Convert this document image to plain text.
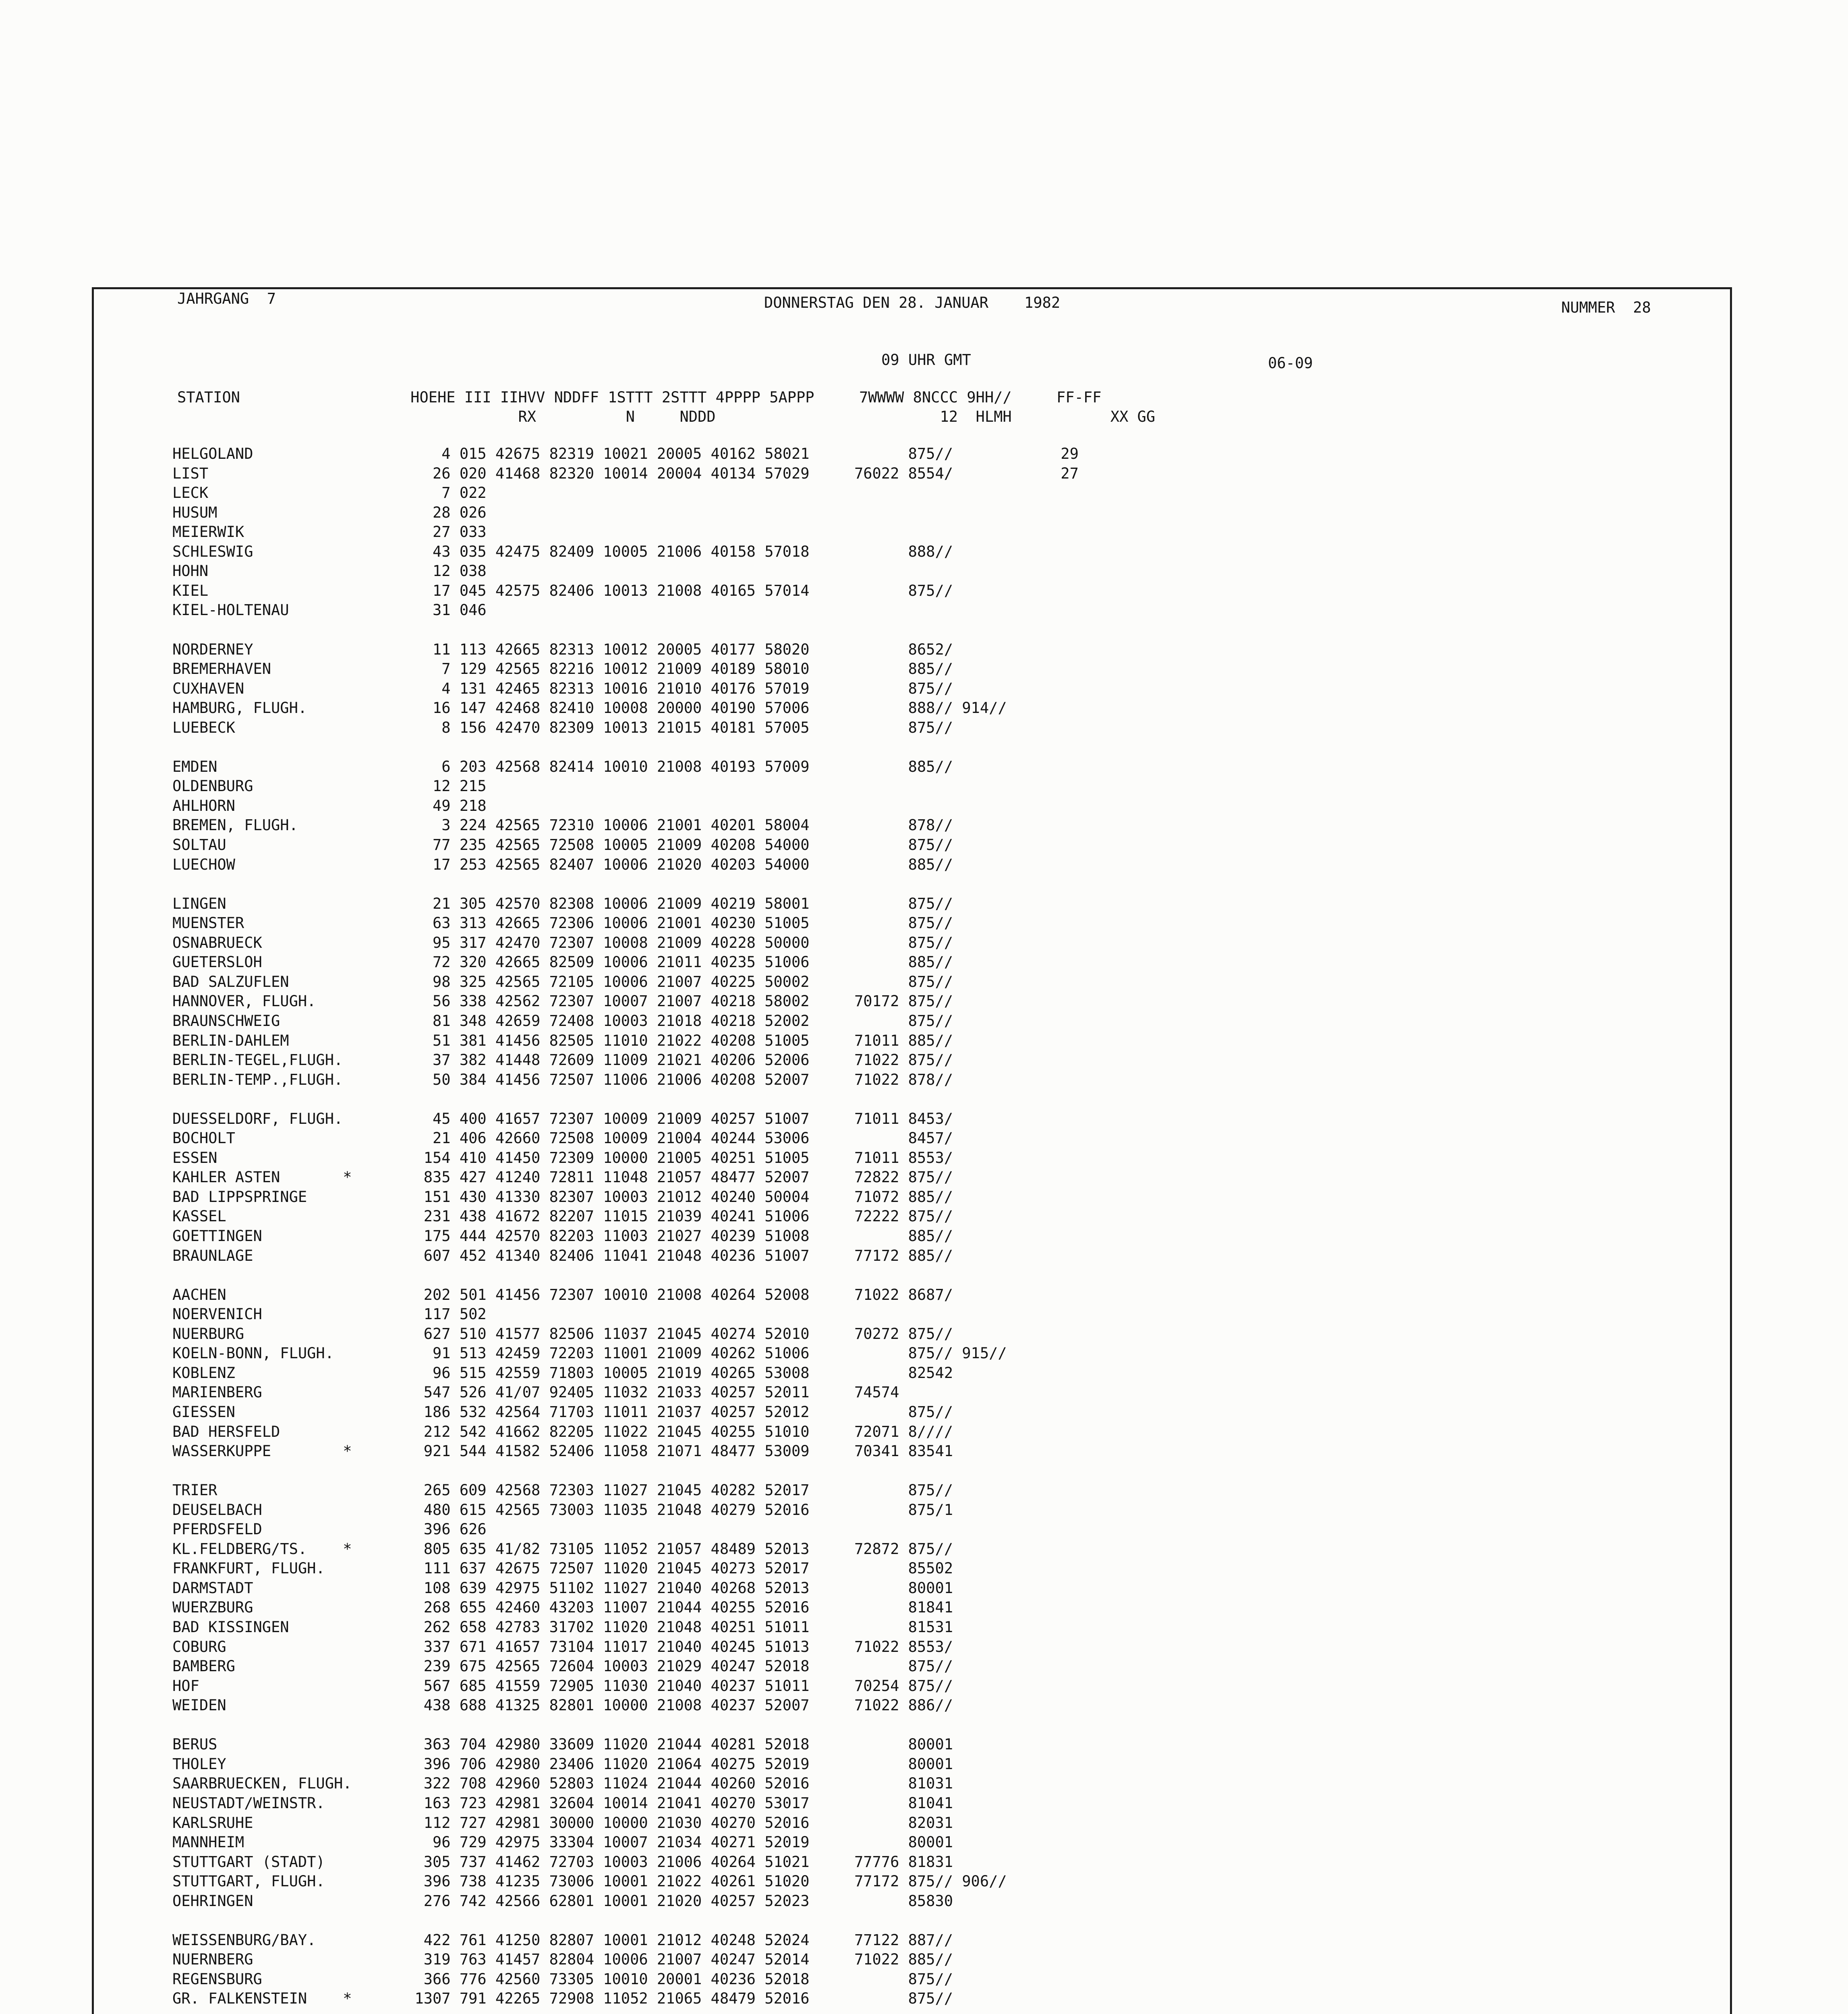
JAHRGANG  7	DONNERSTAG DEN 28. JANUAR    1982	NUMMER  28
09 UHR GMT	06-09
STATION                   HOEHE III IIHVV NDDFF 1STTT 2STTT 4PPPP 5APPP     7WWWW 8NCCC 9HH//     FF-FF
RX          N     NDDD                         12  HLMH           XX GG
HELGOLAND                     4 015 42675 82319 10021 20005 40162 58021           875//            29
LIST                         26 020 41468 82320 10014 20004 40134 57029     76022 8554/            27
LECK                          7 022
HUSUM                        28 026
MEIERWIK                     27 033
SCHLESWIG                    43 035 42475 82409 10005 21006 40158 57018           888//
HOHN                         12 038
KIEL                         17 045 42575 82406 10013 21008 40165 57014           875//
KIEL-HOLTENAU                31 046
NORDERNEY                    11 113 42665 82313 10012 20005 40177 58020           8652/
BREMERHAVEN                   7 129 42565 82216 10012 21009 40189 58010           885//
CUXHAVEN                      4 131 42465 82313 10016 21010 40176 57019           875//
HAMBURG, FLUGH.              16 147 42468 82410 10008 20000 40190 57006           888// 914//
LUEBECK                       8 156 42470 82309 10013 21015 40181 57005           875//
EMDEN                         6 203 42568 82414 10010 21008 40193 57009           885//
OLDENBURG                    12 215
AHLHORN                      49 218
BREMEN, FLUGH.                3 224 42565 72310 10006 21001 40201 58004           878//
SOLTAU                       77 235 42565 72508 10005 21009 40208 54000           875//
LUECHOW                      17 253 42565 82407 10006 21020 40203 54000           885//
LINGEN                       21 305 42570 82308 10006 21009 40219 58001           875//
MUENSTER                     63 313 42665 72306 10006 21001 40230 51005           875//
OSNABRUECK                   95 317 42470 72307 10008 21009 40228 50000           875//
GUETERSLOH                   72 320 42665 82509 10006 21011 40235 51006           885//
BAD SALZUFLEN                98 325 42565 72105 10006 21007 40225 50002           875//
HANNOVER, FLUGH.             56 338 42562 72307 10007 21007 40218 58002     70172 875//
BRAUNSCHWEIG                 81 348 42659 72408 10003 21018 40218 52002           875//
BERLIN-DAHLEM                51 381 41456 82505 11010 21022 40208 51005     71011 885//
BERLIN-TEGEL,FLUGH.          37 382 41448 72609 11009 21021 40206 52006     71022 875//
BERLIN-TEMP.,FLUGH.          50 384 41456 72507 11006 21006 40208 52007     71022 878//
DUESSELDORF, FLUGH.          45 400 41657 72307 10009 21009 40257 51007     71011 8453/
BOCHOLT                      21 406 42660 72508 10009 21004 40244 53006           8457/
ESSEN                       154 410 41450 72309 10000 21005 40251 51005     71011 8553/
KAHLER ASTEN       *        835 427 41240 72811 11048 21057 48477 52007     72822 875//
BAD LIPPSPRINGE             151 430 41330 82307 10003 21012 40240 50004     71072 885//
KASSEL                      231 438 41672 82207 11015 21039 40241 51006     72222 875//
GOETTINGEN                  175 444 42570 82203 11003 21027 40239 51008           885//
BRAUNLAGE                   607 452 41340 82406 11041 21048 40236 51007     77172 885//
AACHEN                      202 501 41456 72307 10010 21008 40264 52008     71022 8687/
NOERVENICH                  117 502
NUERBURG                    627 510 41577 82506 11037 21045 40274 52010     70272 875//
KOELN-BONN, FLUGH.           91 513 42459 72203 11001 21009 40262 51006           875// 915//
KOBLENZ                      96 515 42559 71803 10005 21019 40265 53008           82542
MARIENBERG                  547 526 41/07 92405 11032 21033 40257 52011     74574
GIESSEN                     186 532 42564 71703 11011 21037 40257 52012           875//
BAD HERSFELD                212 542 41662 82205 11022 21045 40255 51010     72071 8////
WASSERKUPPE        *        921 544 41582 52406 11058 21071 48477 53009     70341 83541
TRIER                       265 609 42568 72303 11027 21045 40282 52017           875//
DEUSELBACH                  480 615 42565 73003 11035 21048 40279 52016           875/1
PFERDSFELD                  396 626
KL.FELDBERG/TS.    *        805 635 41/82 73105 11052 21057 48489 52013     72872 875//
FRANKFURT, FLUGH.           111 637 42675 72507 11020 21045 40273 52017           85502
DARMSTADT                   108 639 42975 51102 11027 21040 40268 52013           80001
WUERZBURG                   268 655 42460 43203 11007 21044 40255 52016           81841
BAD KISSINGEN               262 658 42783 31702 11020 21048 40251 51011           81531
COBURG                      337 671 41657 73104 11017 21040 40245 51013     71022 8553/
BAMBERG                     239 675 42565 72604 10003 21029 40247 52018           875//
HOF                         567 685 41559 72905 11030 21040 40237 51011     70254 875//
WEIDEN                      438 688 41325 82801 10000 21008 40237 52007     71022 886//
BERUS                       363 704 42980 33609 11020 21044 40281 52018           80001
THOLEY                      396 706 42980 23406 11020 21064 40275 52019           80001
SAARBRUECKEN, FLUGH.        322 708 42960 52803 11024 21044 40260 52016           81031
NEUSTADT/WEINSTR.           163 723 42981 32604 10014 21041 40270 53017           81041
KARLSRUHE                   112 727 42981 30000 10000 21030 40270 52016           82031
MANNHEIM                     96 729 42975 33304 10007 21034 40271 52019           80001
STUTTGART (STADT)           305 737 41462 72703 10003 21006 40264 51021     77776 81831
STUTTGART, FLUGH.           396 738 41235 73006 10001 21022 40261 51020     77172 875// 906//
OEHRINGEN                   276 742 42566 62801 10001 21020 40257 52023           85830
WEISSENBURG/BAY.            422 761 41250 82807 10001 21012 40248 52024     77122 887//
NUERNBERG                   319 763 41457 82804 10006 21007 40247 52014     71022 885//
REGENSBURG                  366 776 42560 73305 10010 20001 40236 52018           875//
GR. FALKENSTEIN    *       1307 791 42265 72908 11052 21065 48479 52016           875//
